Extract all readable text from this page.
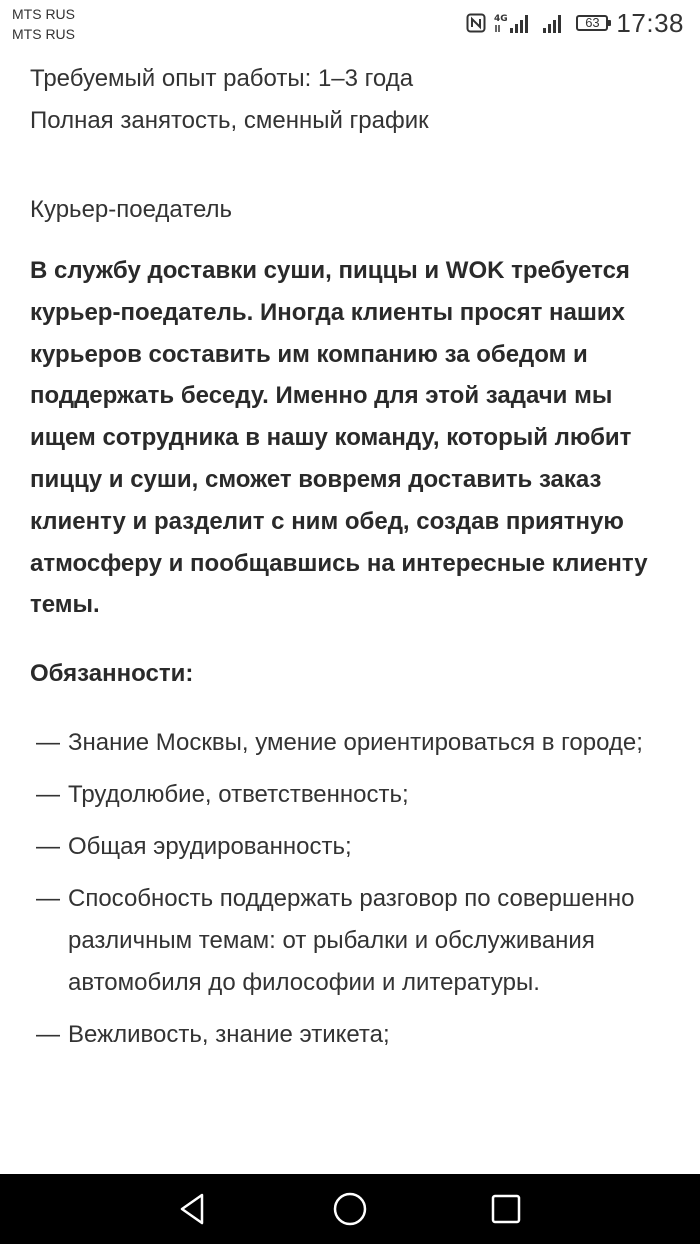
MTS RUS
MTS RUS
4G	63 17:38
Требуемый опыт работы: 1–3 года
Полная занятость, сменный график
Курьер-поедатель
В службу доставки суши, пиццы и WOK требуется курьер-поедатель. Иногда клиенты просят наших курьеров составить им компанию за обедом и поддержать беседу. Именно для этой задачи мы ищем сотрудника в нашу команду, который любит пиццу и суши, сможет вовремя доставить заказ клиенту и разделит с ним обед, создав приятную атмосферу и пообщавшись на интересные клиенту темы.
Обязанности:
— Знание Москвы, умение ориентироваться в городе;
— Трудолюбие, ответственность;
— Общая эрудированность;
— Способность поддержать разговор по совершенно различным темам: от рыбалки и обслуживания автомобиля до философии и литературы.
— Вежливость, знание этикета;
